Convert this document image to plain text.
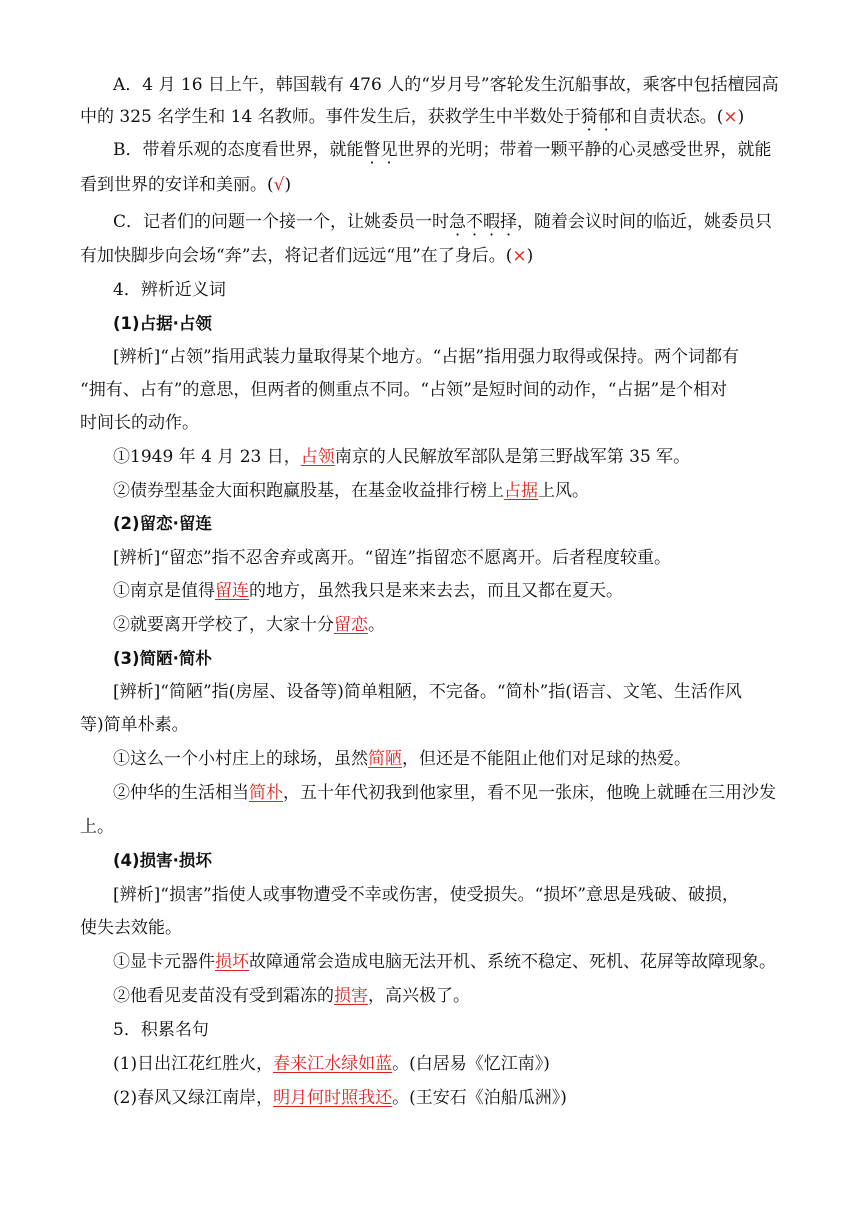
A．4 月 16 日上午，韩国载有 476 人的“岁月号”客轮发生沉船事故，乘客中包括檀园高
中的 325 名学生和 14 名教师。事件发生后，获救学生中半数处于猗郁和自责状态。(×)
B．带着乐观的态度看世界，就能瞥见世界的光明；带着一颗平静的心灵感受世界，就能
看到世界的安详和美丽。(√)
C．记者们的问题一个接一个，让姚委员一时急不暇择，随着会议时间的临近，姚委员只
有加快脚步向会场“奔”去，将记者们远远“甩”在了身后。(×)
4．辨析近义词
(1)占据·占领
[辨析]“占领”指用武装力量取得某个地方。“占据”指用强力取得或保持。两个词都有
“拥有、占有”的意思，但两者的侧重点不同。“占领”是短时间的动作，“占据”是个相对
时间长的动作。
①1949 年 4 月 23 日，占领南京的人民解放军部队是第三野战军第 35 军。
②债券型基金大面积跑赢股基，在基金收益排行榜上占据上风。
(2)留恋·留连
[辨析]“留恋”指不忍舍弃或离开。“留连”指留恋不愿离开。后者程度较重。
①南京是值得留连的地方，虽然我只是来来去去，而且又都在夏天。
②就要离开学校了，大家十分留恋。
(3)简陋·简朴
[辨析]“简陋”指(房屋、设备等)简单粗陋，不完备。“简朴”指(语言、文笔、生活作风
等)简单朴素。
①这么一个小村庄上的球场，虽然简陋，但还是不能阻止他们对足球的热爱。
②仲华的生活相当简朴，五十年代初我到他家里，看不见一张床，他晚上就睡在三用沙发
上。
(4)损害·损坏
[辨析]“损害”指使人或事物遭受不幸或伤害，使受损失。“损坏”意思是残破、破损，
使失去效能。
①显卡元器件损坏故障通常会造成电脑无法开机、系统不稳定、死机、花屏等故障现象。
②他看见麦苗没有受到霜冻的损害，高兴极了。
5．积累名句
(1)日出江花红胜火，春来江水绿如蓝。(白居易《忆江南》)
(2)春风又绿江南岸，明月何时照我还。(王安石《泊船瓜洲》)
